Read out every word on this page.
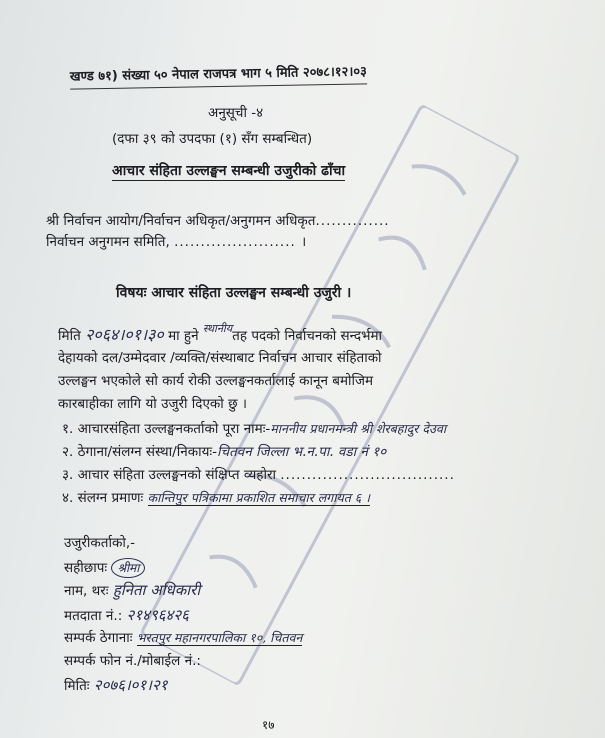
खण्ड ७१) संख्या ५० नेपाल राजपत्र भाग ५ मिति २०७८।१२।०३
अनुसूची -४
(दफा ३९ को उपदफा (१) सँग सम्बन्धित)
आचार संहिता उल्लङ्घन सम्बन्धी उजुरीको ढाँचा
श्री निर्वाचन आयोग/निर्वाचन अधिकृत/अनुगमन अधिकृत..............
निर्वाचन अनुगमन समिति, ....................... ।
विषयः आचार संहिता उल्लङ्घन सम्बन्धी उजुरी ।
मिति २०६४।०१।३० मा हुने $^{स्थानीय}$तह पदको निर्वाचनको सन्दर्भमा
देहायको दल/उम्मेदवार /व्यक्ति/संस्थाबाट निर्वाचन आचार संहिताको
उल्लङ्घन भएकोले सो कार्य रोकी उल्लङ्घनकर्तालाई कानून बमोजिम
कारबाहीका लागि यो उजुरी दिएको छु ।
१. आचारसंहिता उल्लङ्घनकर्ताको पूरा नामः-माननीय प्रधानमन्त्री श्री शेरबहादुर देउवा
२. ठेगाना/संलग्न संस्था/निकायः-चितवन जिल्ला भ.न.पा. वडा नं १०
३. आचार संहिता उल्लङ्घनको संक्षिप्त व्यहोरा .................................
४. संलग्न प्रमाणः कान्तिपुर पत्रिकामा प्रकाशित समाचार लगायत ६ ।
उजुरीकर्ताको,-
सहीछापः श्रीमा
नाम, थरः हुनिता अधिकारी
मतदाता नं.: २१४९६४२६
सम्पर्क ठेगानाः भरतपुर महानगरपालिका १०, चितवन
सम्पर्क फोन नं./मोबाईल नं.:
मितिः २०७६।०१।२१
१७
